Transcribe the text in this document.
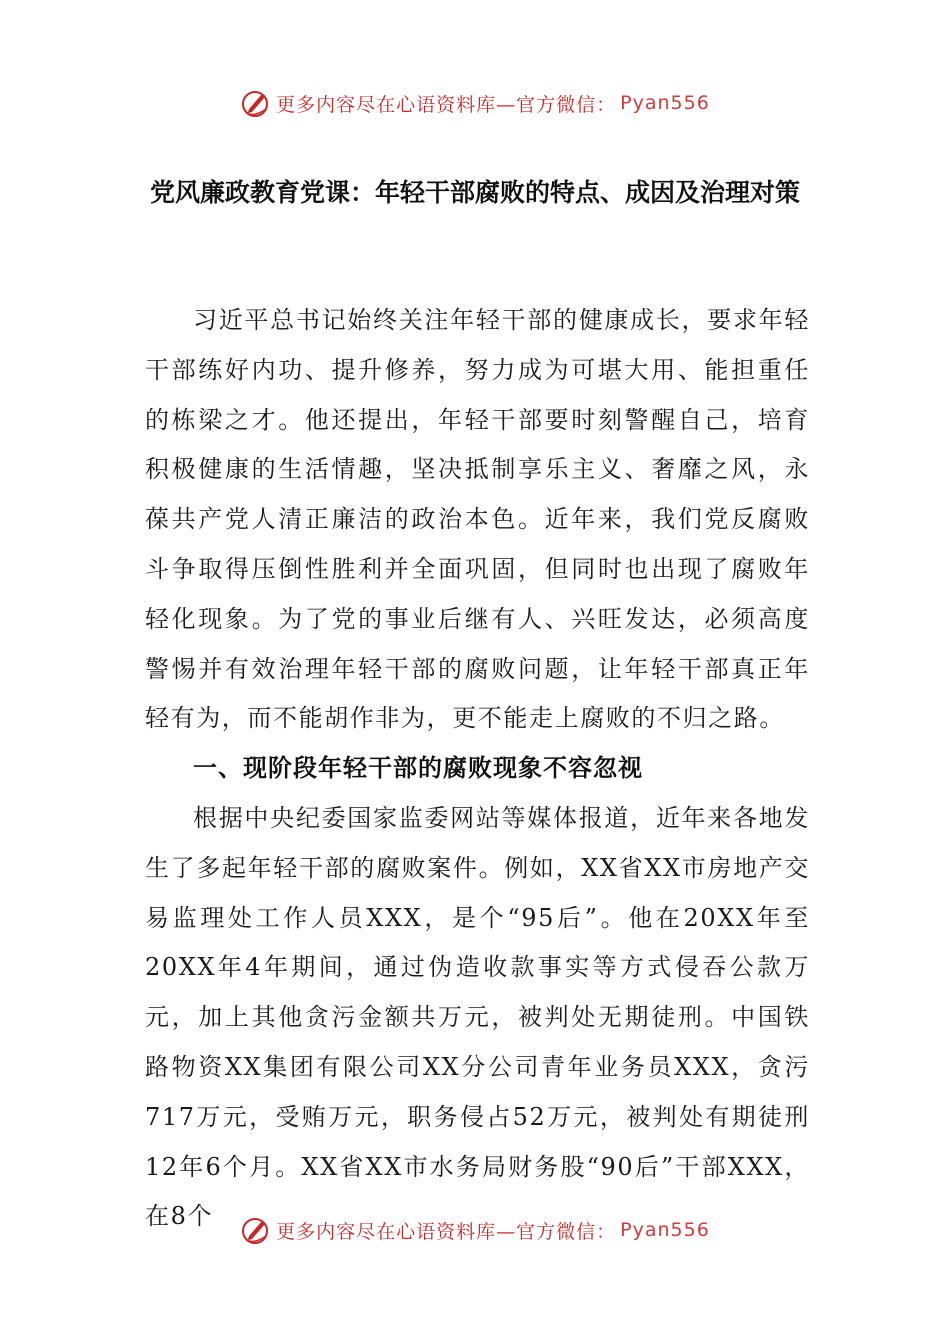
更多内容尽在心语资料库—官方微信： Pyan556
党风廉政教育党课：年轻干部腐败的特点、成因及治理对策

习近平总书记始终关注年轻干部的健康成长，要求年轻干部练好内功、提升修养，努力成为可堪大用、能担重任的栋梁之才。他还提出，年轻干部要时刻警醒自己，培育积极健康的生活情趣，坚决抵制享乐主义、奢靡之风，永葆共产党人清正廉洁的政治本色。近年来，我们党反腐败斗争取得压倒性胜利并全面巩固，但同时也出现了腐败年轻化现象。为了党的事业后继有人、兴旺发达，必须高度警惕并有效治理年轻干部的腐败问题，让年轻干部真正年轻有为，而不能胡作非为，更不能走上腐败的不归之路。

一、现阶段年轻干部的腐败现象不容忽视

根据中央纪委国家监委网站等媒体报道，近年来各地发生了多起年轻干部的腐败案件。例如，XX省XX市房地产交易监理处工作人员XXX，是个“95后”。他在20XX年至20XX年4年期间，通过伪造收款事实等方式侵吞公款万元，加上其他贪污金额共万元，被判处无期徒刑。中国铁路物资XX集团有限公司XX分公司青年业务员XXX，贪污717万元，受贿万元，职务侵占52万元，被判处有期徒刑12年6个月。XX省XX市水务局财务股“90后”干部XXX，在8个

更多内容尽在心语资料库—官方微信： Pyan556
